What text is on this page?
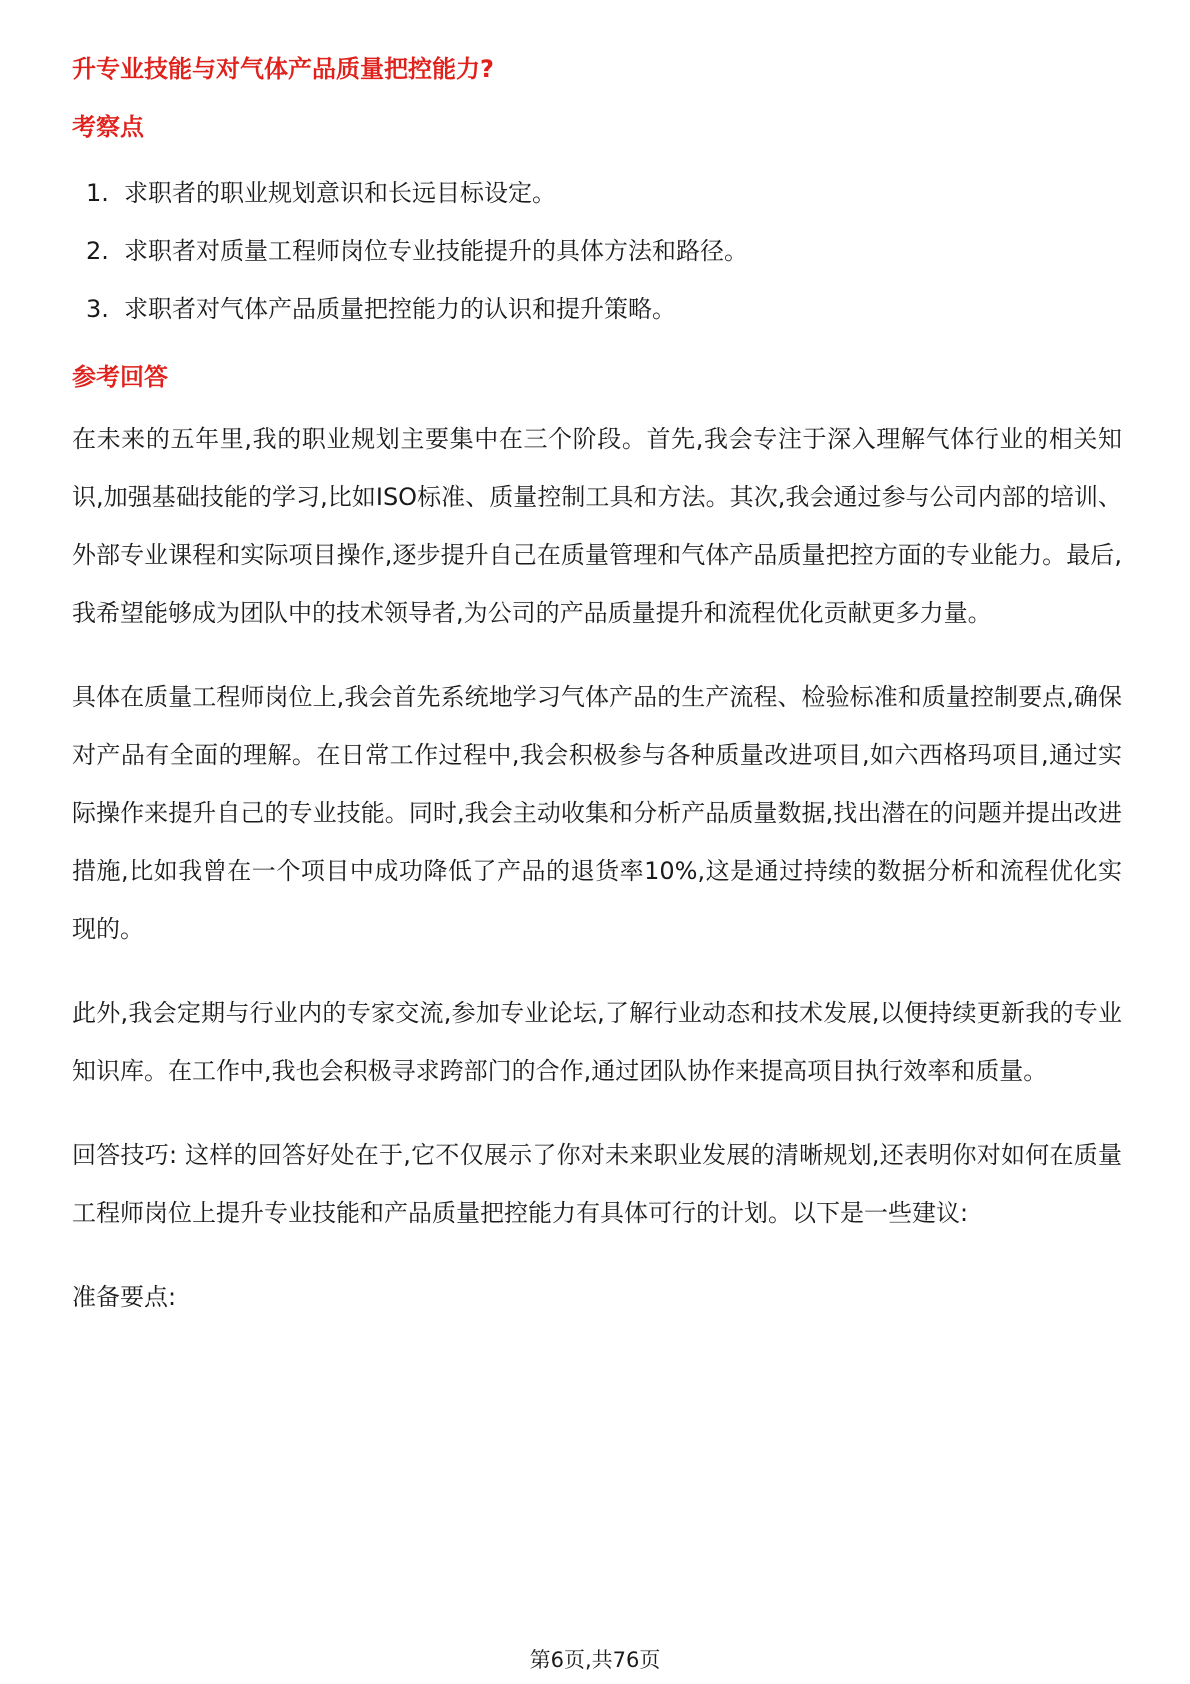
升专业技能与对气体产品质量把控能力?
考察点
1. 求职者的职业规划意识和长远目标设定。
2. 求职者对质量工程师岗位专业技能提升的具体方法和路径。
3. 求职者对气体产品质量把控能力的认识和提升策略。
参考回答

在未来的五年里,我的职业规划主要集中在三个阶段。首先,我会专注于深入理解气体行业的相关知识,加强基础技能的学习,比如ISO标准、质量控制工具和方法。其次,我会通过参与公司内部的培训、外部专业课程和实际项目操作,逐步提升自己在质量管理和气体产品质量把控方面的专业能力。最后,我希望能够成为团队中的技术领导者,为公司的产品质量提升和流程优化贡献更多力量。

具体在质量工程师岗位上,我会首先系统地学习气体产品的生产流程、检验标准和质量控制要点,确保对产品有全面的理解。在日常工作过程中,我会积极参与各种质量改进项目,如六西格玛项目,通过实际操作来提升自己的专业技能。同时,我会主动收集和分析产品质量数据,找出潜在的问题并提出改进措施,比如我曾在一个项目中成功降低了产品的退货率10%,这是通过持续的数据分析和流程优化实现的。

此外,我会定期与行业内的专家交流,参加专业论坛,了解行业动态和技术发展,以便持续更新我的专业知识库。在工作中,我也会积极寻求跨部门的合作,通过团队协作来提高项目执行效率和质量。

回答技巧: 这样的回答好处在于,它不仅展示了你对未来职业发展的清晰规划,还表明你对如何在质量工程师岗位上提升专业技能和产品质量把控能力有具体可行的计划。以下是一些建议:

准备要点:

第6页,共76页
